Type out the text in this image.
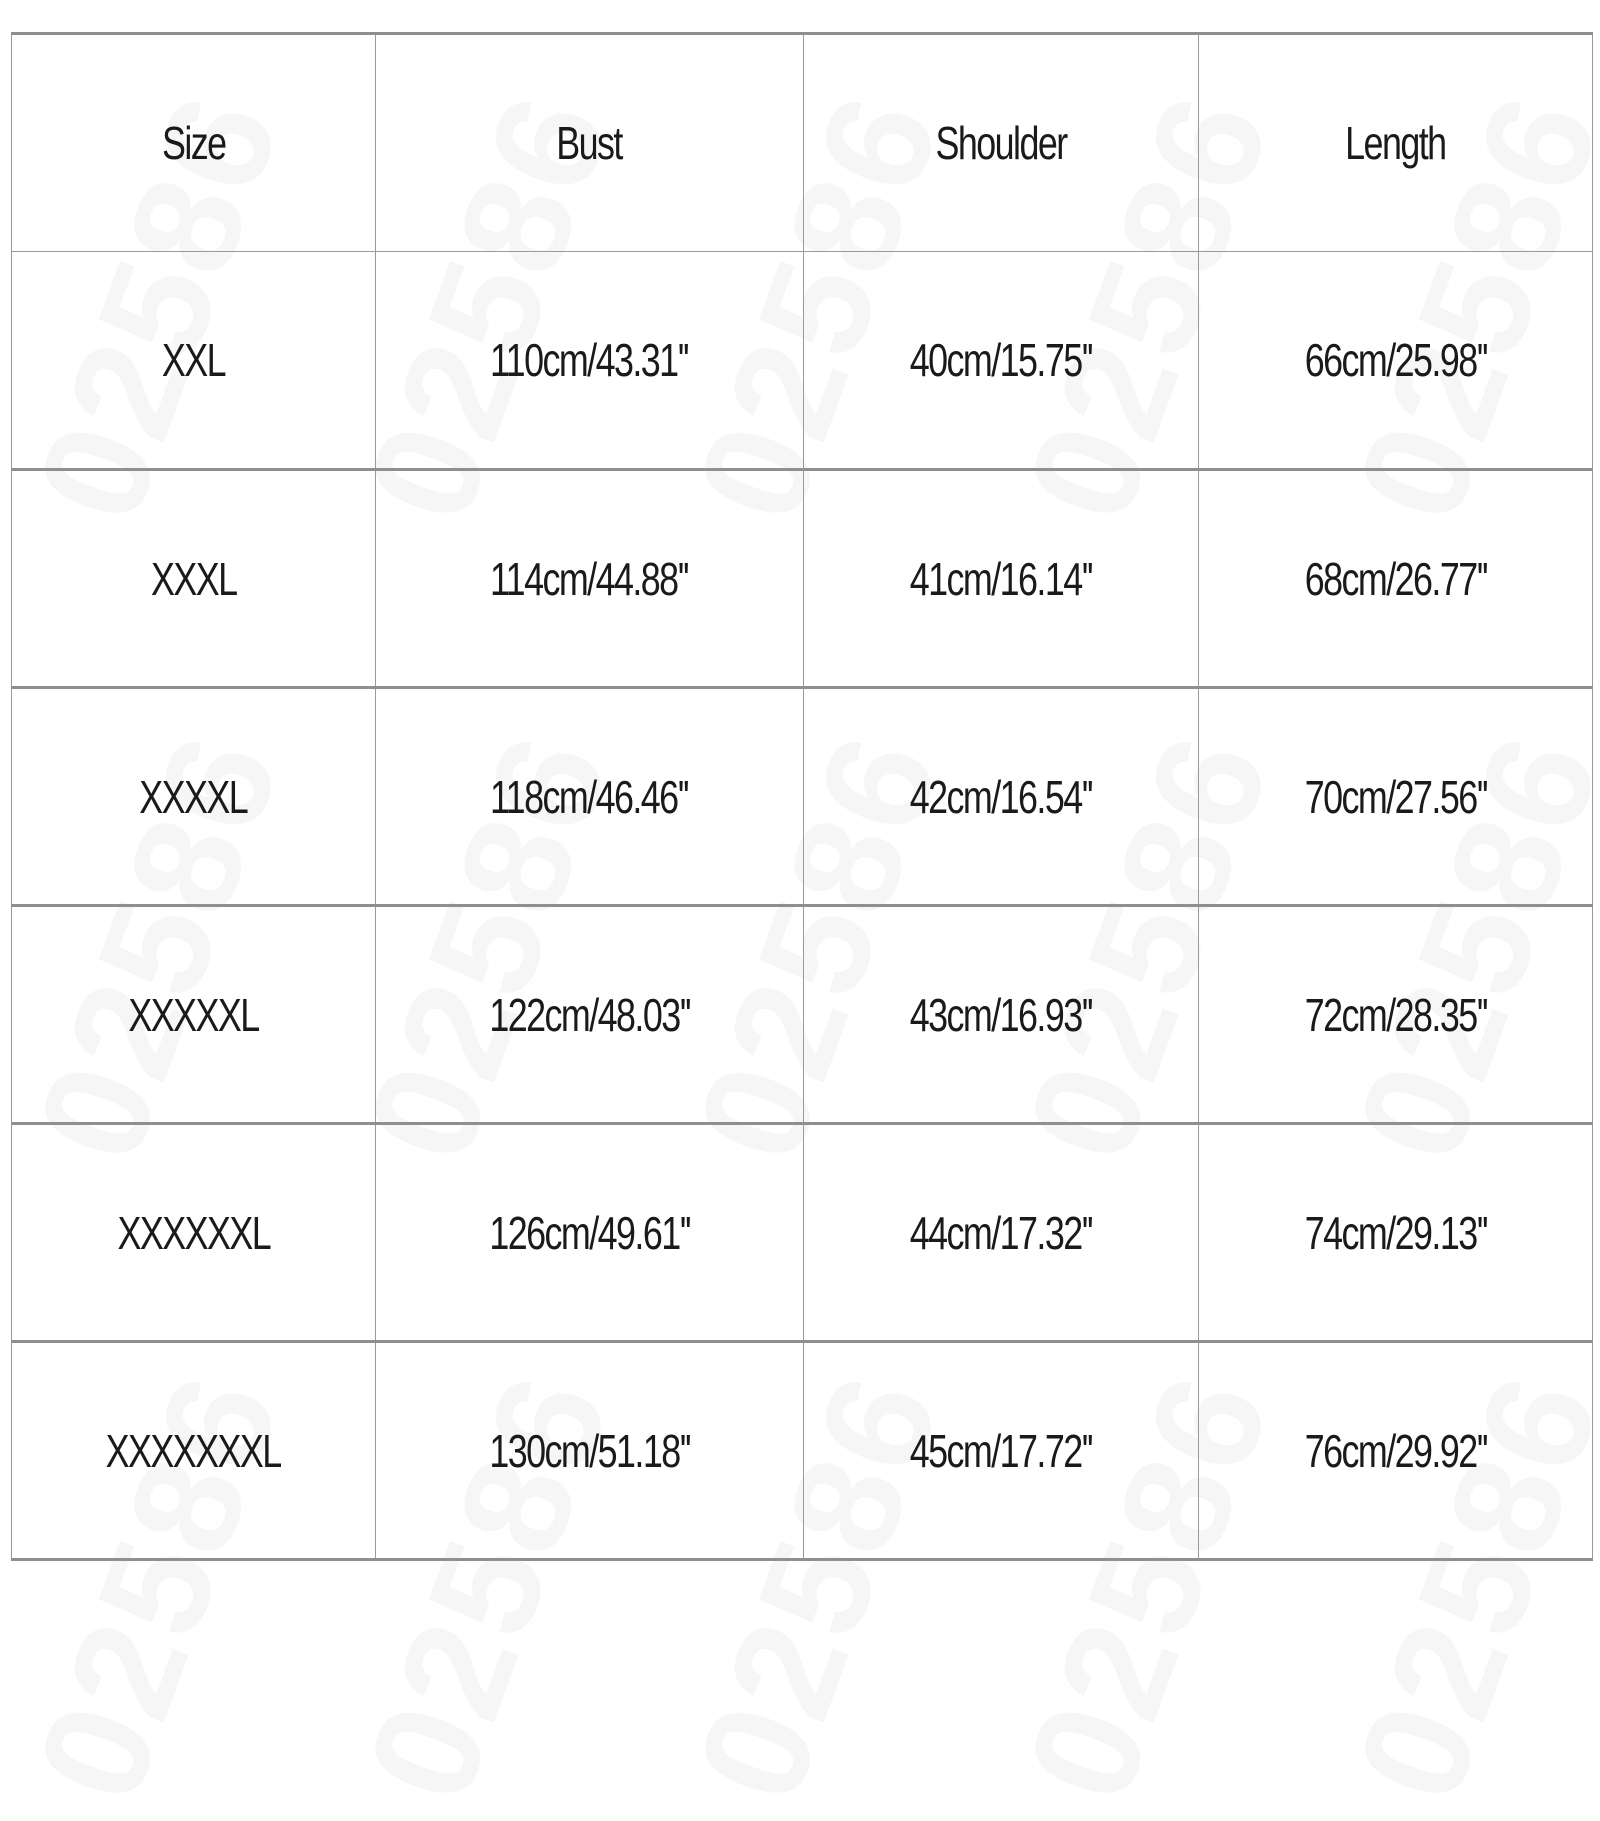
Size	Bust	Shoulder	Length
XXL	110cm/43.31''	40cm/15.75''	66cm/25.98''
XXXL	114cm/44.88''	41cm/16.14''	68cm/26.77''
XXXXL	118cm/46.46''	42cm/16.54''	70cm/27.56''
XXXXXL	122cm/48.03''	43cm/16.93''	72cm/28.35''
XXXXXXL	126cm/49.61''	44cm/17.32''	74cm/29.13''
XXXXXXXL	130cm/51.18''	45cm/17.72''	76cm/29.92''
